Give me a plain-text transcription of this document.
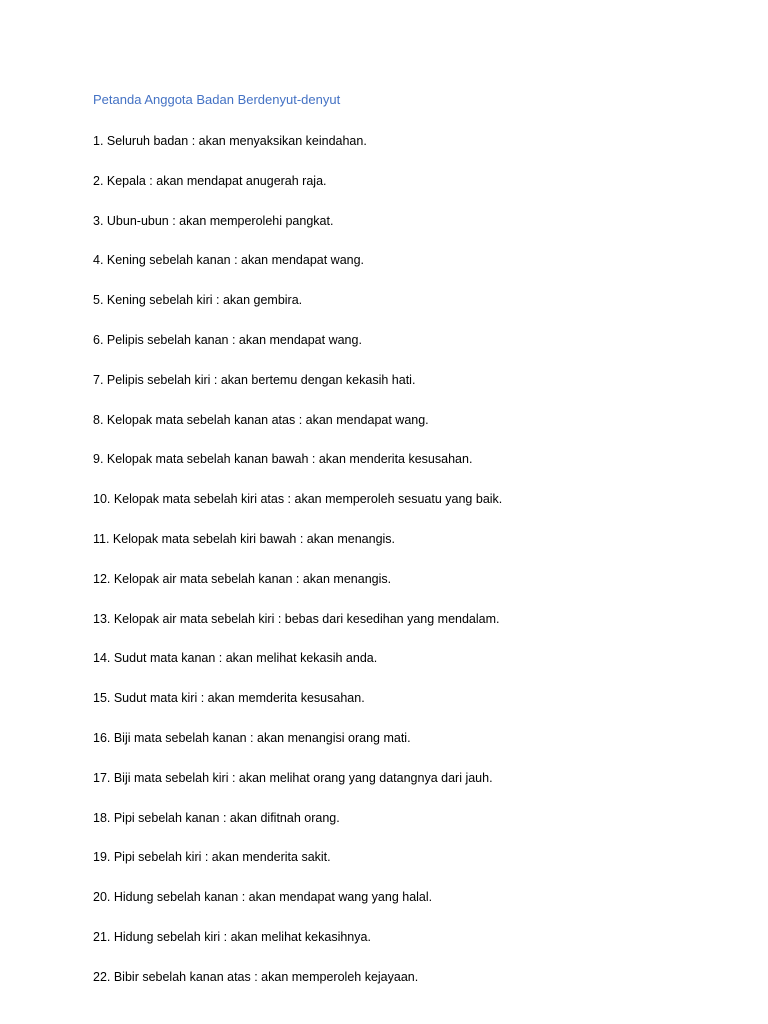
Petanda Anggota Badan Berdenyut-denyut
1. Seluruh badan : akan menyaksikan keindahan.
2. Kepala : akan mendapat anugerah raja.
3. Ubun-ubun : akan memperolehi pangkat.
4. Kening sebelah kanan : akan mendapat wang.
5. Kening sebelah kiri : akan gembira.
6. Pelipis sebelah kanan : akan mendapat wang.
7. Pelipis sebelah kiri : akan bertemu dengan kekasih hati.
8. Kelopak mata sebelah kanan atas : akan mendapat wang.
9. Kelopak mata sebelah kanan bawah : akan menderita kesusahan.
10. Kelopak mata sebelah kiri atas : akan memperoleh sesuatu yang baik.
11. Kelopak mata sebelah kiri bawah : akan menangis.
12. Kelopak air mata sebelah kanan : akan menangis.
13. Kelopak air mata sebelah kiri : bebas dari kesedihan yang mendalam.
14. Sudut mata kanan : akan melihat kekasih anda.
15. Sudut mata kiri : akan memderita kesusahan.
16. Biji mata sebelah kanan : akan menangisi orang mati.
17. Biji mata sebelah kiri : akan melihat orang yang datangnya dari jauh.
18. Pipi sebelah kanan : akan difitnah orang.
19. Pipi sebelah kiri : akan menderita sakit.
20. Hidung sebelah kanan : akan mendapat wang yang halal.
21. Hidung sebelah kiri : akan melihat kekasihnya.
22. Bibir sebelah kanan atas : akan memperoleh kejayaan.
